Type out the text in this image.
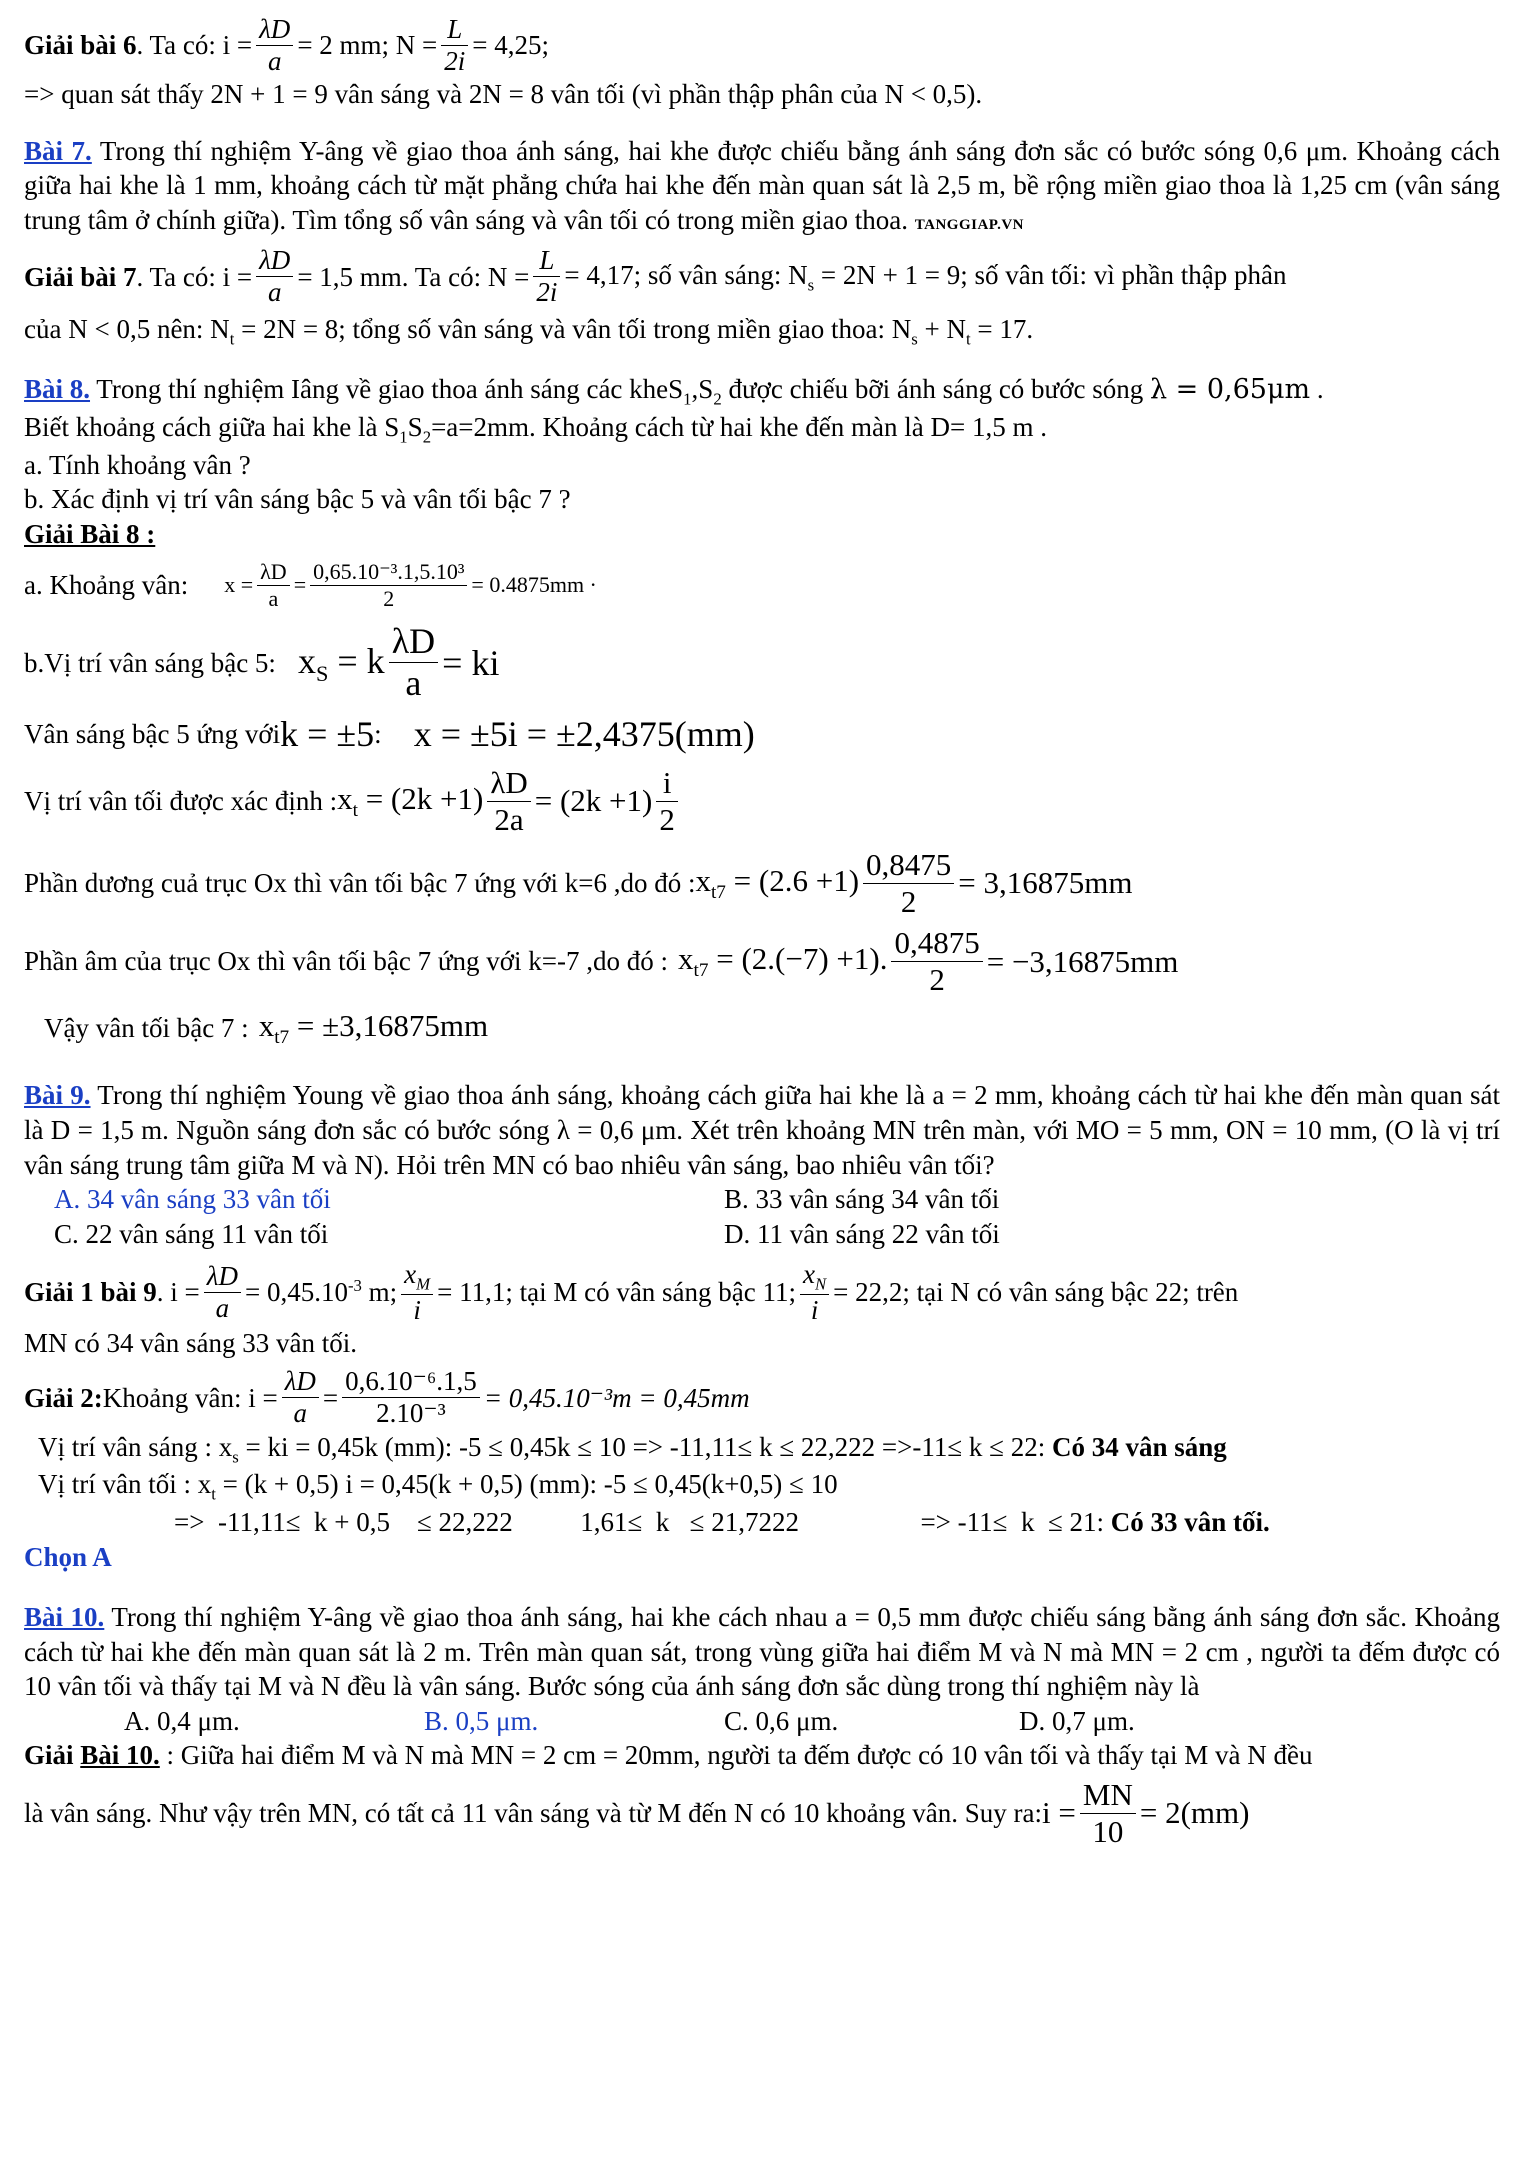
Giải bài 6 . Ta có: $i = \frac{\lambda D}{a} = 2$ mm; $N = \frac{L}{2i} = 4,25$;

=> quan sát thấy 2N + 1 = 9 vân sáng và 2N = 8 vân tối (vì phần thập phân của N < 0,5).

Bài 7. Trong thí nghiệm Y-âng về giao thoa ánh sáng, hai khe được chiếu bằng ánh sáng đơn sắc có bước sóng 0,6 μm. Khoảng cách giữa hai khe là 1 mm, khoảng cách từ mặt phẳng chứa hai khe đến màn quan sát là 2,5 m, bề rộng miền giao thoa là 1,25 cm (vân sáng trung tâm ở chính giữa). Tìm tổng số vân sáng và vân tối có trong miền giao thoa. TANGGIAP.VN

Giải bài 7 . Ta có: $i = \frac{\lambda D}{a} = 1,5$ mm. Ta có: $N = \frac{L}{2i} = 4,17$; số vân sáng: $N_s = 2N + 1 = 9$; số vân tối: vì phần thập phân

của N < 0,5 nên: $N_t = 2N = 8$; tổng số vân sáng và vân tối trong miền giao thoa: $N_s + N_t = 17$.

Bài 8. Trong thí nghiệm Iâng về giao thoa ánh sáng các $kheS_1,S_2$ được chiếu bỡi ánh sáng có bước sóng λ = 0,65μm .

Biết khoảng cách giữa hai khe là $S_1S_2=a=2mm$. Khoảng cách từ hai khe đến màn là D= 1,5 m .

a. Tính khoảng vân ?

b. Xác định vị trí vân sáng bậc 5 và vân tối bậc 7 ?

Giải Bài 8 :

a. Khoảng vân: $x = \frac{\lambda D}{a} = \frac{\text{0,65.10⁻³.1,5.10³}}{2} = 0.4875mm$ ·
b.Vị trí vân sáng bậc 5: $x_S = k \frac{\lambda D}{a}$ = ki
Vân sáng bậc 5 ứng với k = ±5 : x = ±5i = ±2,4375(mm)
Vị trí vân tối được xác định : $x_t = (2k +1) \frac{\lambda D}{2a} = (2k +1) \frac{i}{2}$
Phần dương cuả trục Ox thì vân tối bậc 7 ứng với k=6 ,do đó : $x_{t7} = (2.6 +1) \frac{0,8475}{2} = 3,16875mm$
Phần âm của trục Ox thì vân tối bậc 7 ứng với k=-7 ,do đó : $x_{t7} = (2.(-7) +1)$. $\frac{0,4875}{2} = -3,16875mm$
Vậy vân tối bậc 7 : $x_{t7} = \pm 3,16875mm$

Bài 9. Trong thí nghiệm Young về giao thoa ánh sáng, khoảng cách giữa hai khe là a = 2 mm, khoảng cách từ hai khe đến màn quan sát là D = 1,5 m. Nguồn sáng đơn sắc có bước sóng λ = 0,6 μm. Xét trên khoảng MN trên màn, với MO = 5 mm, ON = 10 mm, (O là vị trí vân sáng trung tâm giữa M và N). Hỏi trên MN có bao nhiêu vân sáng, bao nhiêu vân tối?

A. 34 vân sáng 33 vân tối	B. 33 vân sáng 34 vân tối
C. 22 vân sáng 11 vân tối	D. 11 vân sáng 22 vân tối
Giải 1 bài 9 . $i = \frac{\lambda D}{a} = 0,45.10^{-3}$ m; $\frac{x_M}{i} = 11,1$; tại M có vân sáng bậc 11; $\frac{x_N}{i} = 22,2$; tại N có vân sáng bậc 22; trên

MN có 34 vân sáng 33 vân tối.

Giải 2: Khoảng vân: $i = \frac{\lambda D}{a} = \frac{\text{0,6.10⁻⁶.1,5}}{\text{2.10⁻³}} = 0,45.10^{-3}m = 0,45mm$

Vị trí vân sáng : $x_s$ = ki = 0,45k (mm): -5 ≤ 0,45k ≤ 10 => -11,11≤ k ≤ 22,222 =>-11≤ k ≤ 22: Có 34 vân sáng

Vị trí vân tối : $x_t = (k + 0,5) i = 0,45(k + 0,5)$ (mm): -5 ≤ 0,45(k+0,5) ≤ 10

=>  -11,11≤  k + 0,5    ≤ 22,222          1,61≤  k   ≤ 21,7222                  => -11≤  k  ≤ 21: Có 33 vân tối.

Chọn A

Bài 10. Trong thí nghiệm Y-âng về giao thoa ánh sáng, hai khe cách nhau a = 0,5 mm được chiếu sáng bằng ánh sáng đơn sắc. Khoảng cách từ hai khe đến màn quan sát là 2 m. Trên màn quan sát, trong vùng giữa hai điểm M và N mà MN = 2 cm , người ta đếm được có 10 vân tối và thấy tại M và N đều là vân sáng. Bước sóng của ánh sáng đơn sắc dùng trong thí nghiệm này là

A. 0,4 μm.	B. 0,5 μm.	C. 0,6 μm.	D. 0,7 μm.

Giải Bài 10. : Giữa hai điểm M và N mà MN = 2 cm = 20mm, người ta đếm được có 10 vân tối và thấy tại M và N đều

là vân sáng. Như vậy trên MN, có tất cả 11 vân sáng và từ M đến N có 10 khoảng vân. Suy ra: $i = \frac{MN}{10} = 2(mm)$
